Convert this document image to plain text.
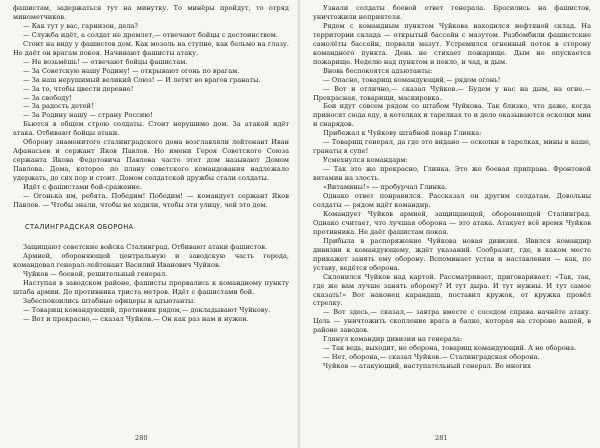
фашистам, задержаться тут на минутку. То минёры пройдут, то отряд минометчиков.

— Как тут у вас, гарнизон, дела?

— Служба идёт, а солдат не дремлет,— отвечают бойцы с достоинством.

Стоит на виду у фашистов дом. Как мозоль на ступне, как бельмо на глазу. Не даёт он врагам покоя. Начинают фашисты атаку.

— Не возьмёшь! — отвечают бойцы фашистам.

— За Советскую нашу Родину! — открывают огонь по врагам.

— За наш нерушимый великий Союз! — И летят во врагов гранаты.

— За то, чтобы цвести деревне!

— За свободу!

— За радость детей!

— За Родину нашу — страну Россию!

Бьются в общем строю солдаты. Стоит нерушимо дом. За атакой идёт атака. Отбивают бойцы атаки.

Оборону знаменитого сталинградского дома возглавляли лейтенант Иван Афанасьев и сержант Яков Павлов. Но имени Героя Советского Союза сержанта Якова Федотовича Павлова часто этот дом называют Домом Павлова. Дома, которое по плану советского командования надлежало удержать, до сих пор и стоит. Домом солдатской дружбы стали солдаты.

Идёт с фашистами бой-сражение.

— Огонька им, ребята. Победим! Победим! — командует сержант Яков Павлов. — Чтобы знали, чтобы не ходили, чтобы эти улицу, чей это дом.

СТАЛИНГРАДСКАЯ ОБОРОНА

Защищают советские войска Сталинград. Отбивают атаки фашистов.

Армией, обороняющей центральную и заводскую часть города, командовал генерал-лейтенант Василий Иванович Чуйков.

Чуйков — боевой, решительный генерал.

Наступая в заводском районе, фашисты прорвались к командному пункту штаба армии. До противника триста метров. Идёт с фашистами бой.

Забеспокоились штабные офицеры и адъютанты.

— Товарищ командующий, противник рядом,— докладывают Чуйкову.

— Вот и прекрасно,— сказал Чуйков.— Он как раз нам и нужен.

280

Узнали солдаты боевой ответ генерала. Бросились на фашистов, уничтожили неприятеля.

Рядом с командным пунктом Чуйкова находился нефтяной склад. На территории склада — открытый бассейн с мазутом. Разбомбили фашистские самолёты бассейн, порвали мазут. Устремился огненный поток в сторону командного пункта. День не стихает пожарище. Дым не опускается пожарище. Неделю над пунктом и пекло, и чад, и дым.

Вновь беспокоятся адъютанты:

— Опасно, товарищ командующий,— рядом огонь!

— Вот и отлично,— сказал Чуйков.— Будем у нас на дым, на огне.— Прекрасная, товарищи, маскировка.

Бои идут совсем рядом со штабом Чуйкова. Так близко, что даже, когда приносят сюда еду, в котелках и тарелках то и дело оказываются осколки мин и снарядов.

Прибежал к Чуйкову штабной повар Глинка:

— Товарищ генерал, да где это видано — осколки в тарелках, мины в каше, гранаты в супе!

Усмехнулся командарм:

— Так это же прекрасно, Глинка. Это же боевая приправа. Фронтовой витамин на злость.

«Витамины!» — пробурчал Глинка.

Однако ответ понравился. Рассказал он другим солдатам. Довольны солдаты — рядом идёт командир.

Командует Чуйков армией, защищающей, обороняющей Сталинград. Однако считает, что лучшая оборона — это атака. Атакует всё время Чуйков противника. Не даёт фашистам покоя.

Прибыла в распоряжение Чуйкова новая дивизия. Явился командир дивизии к командующему, ждёт указаний. Сообразит, где, в каком месте прикажет занять ему оборону. Вспоминает устав и наставления — как, по уставу, ведётся оборона.

Склонился Чуйков над картой. Рассматривает, приговаривает: «Так, так, где же вам лучше занять оборону? И тут дыра. И тут нужны. И тут самое сказать!» Вот наконец карандаш, поставил кружок, от кружка провёл стрелку.

— Вот здесь,— сказал,— завтра вместе с соседом справа начнёте атаку. Цель — уничтожить скопление врага в балке, которая на стороне вашей, в районе заводов.

Глянул командир дивизии на генерала:

— Так ведь, выходит, не оборона, товарищ командующий. А не оборона.

— Нет, оборона,— сказал Чуйков.— Сталинградская оборона.

Чуйков — атакующий, наступательный генерал. Во многих

281
